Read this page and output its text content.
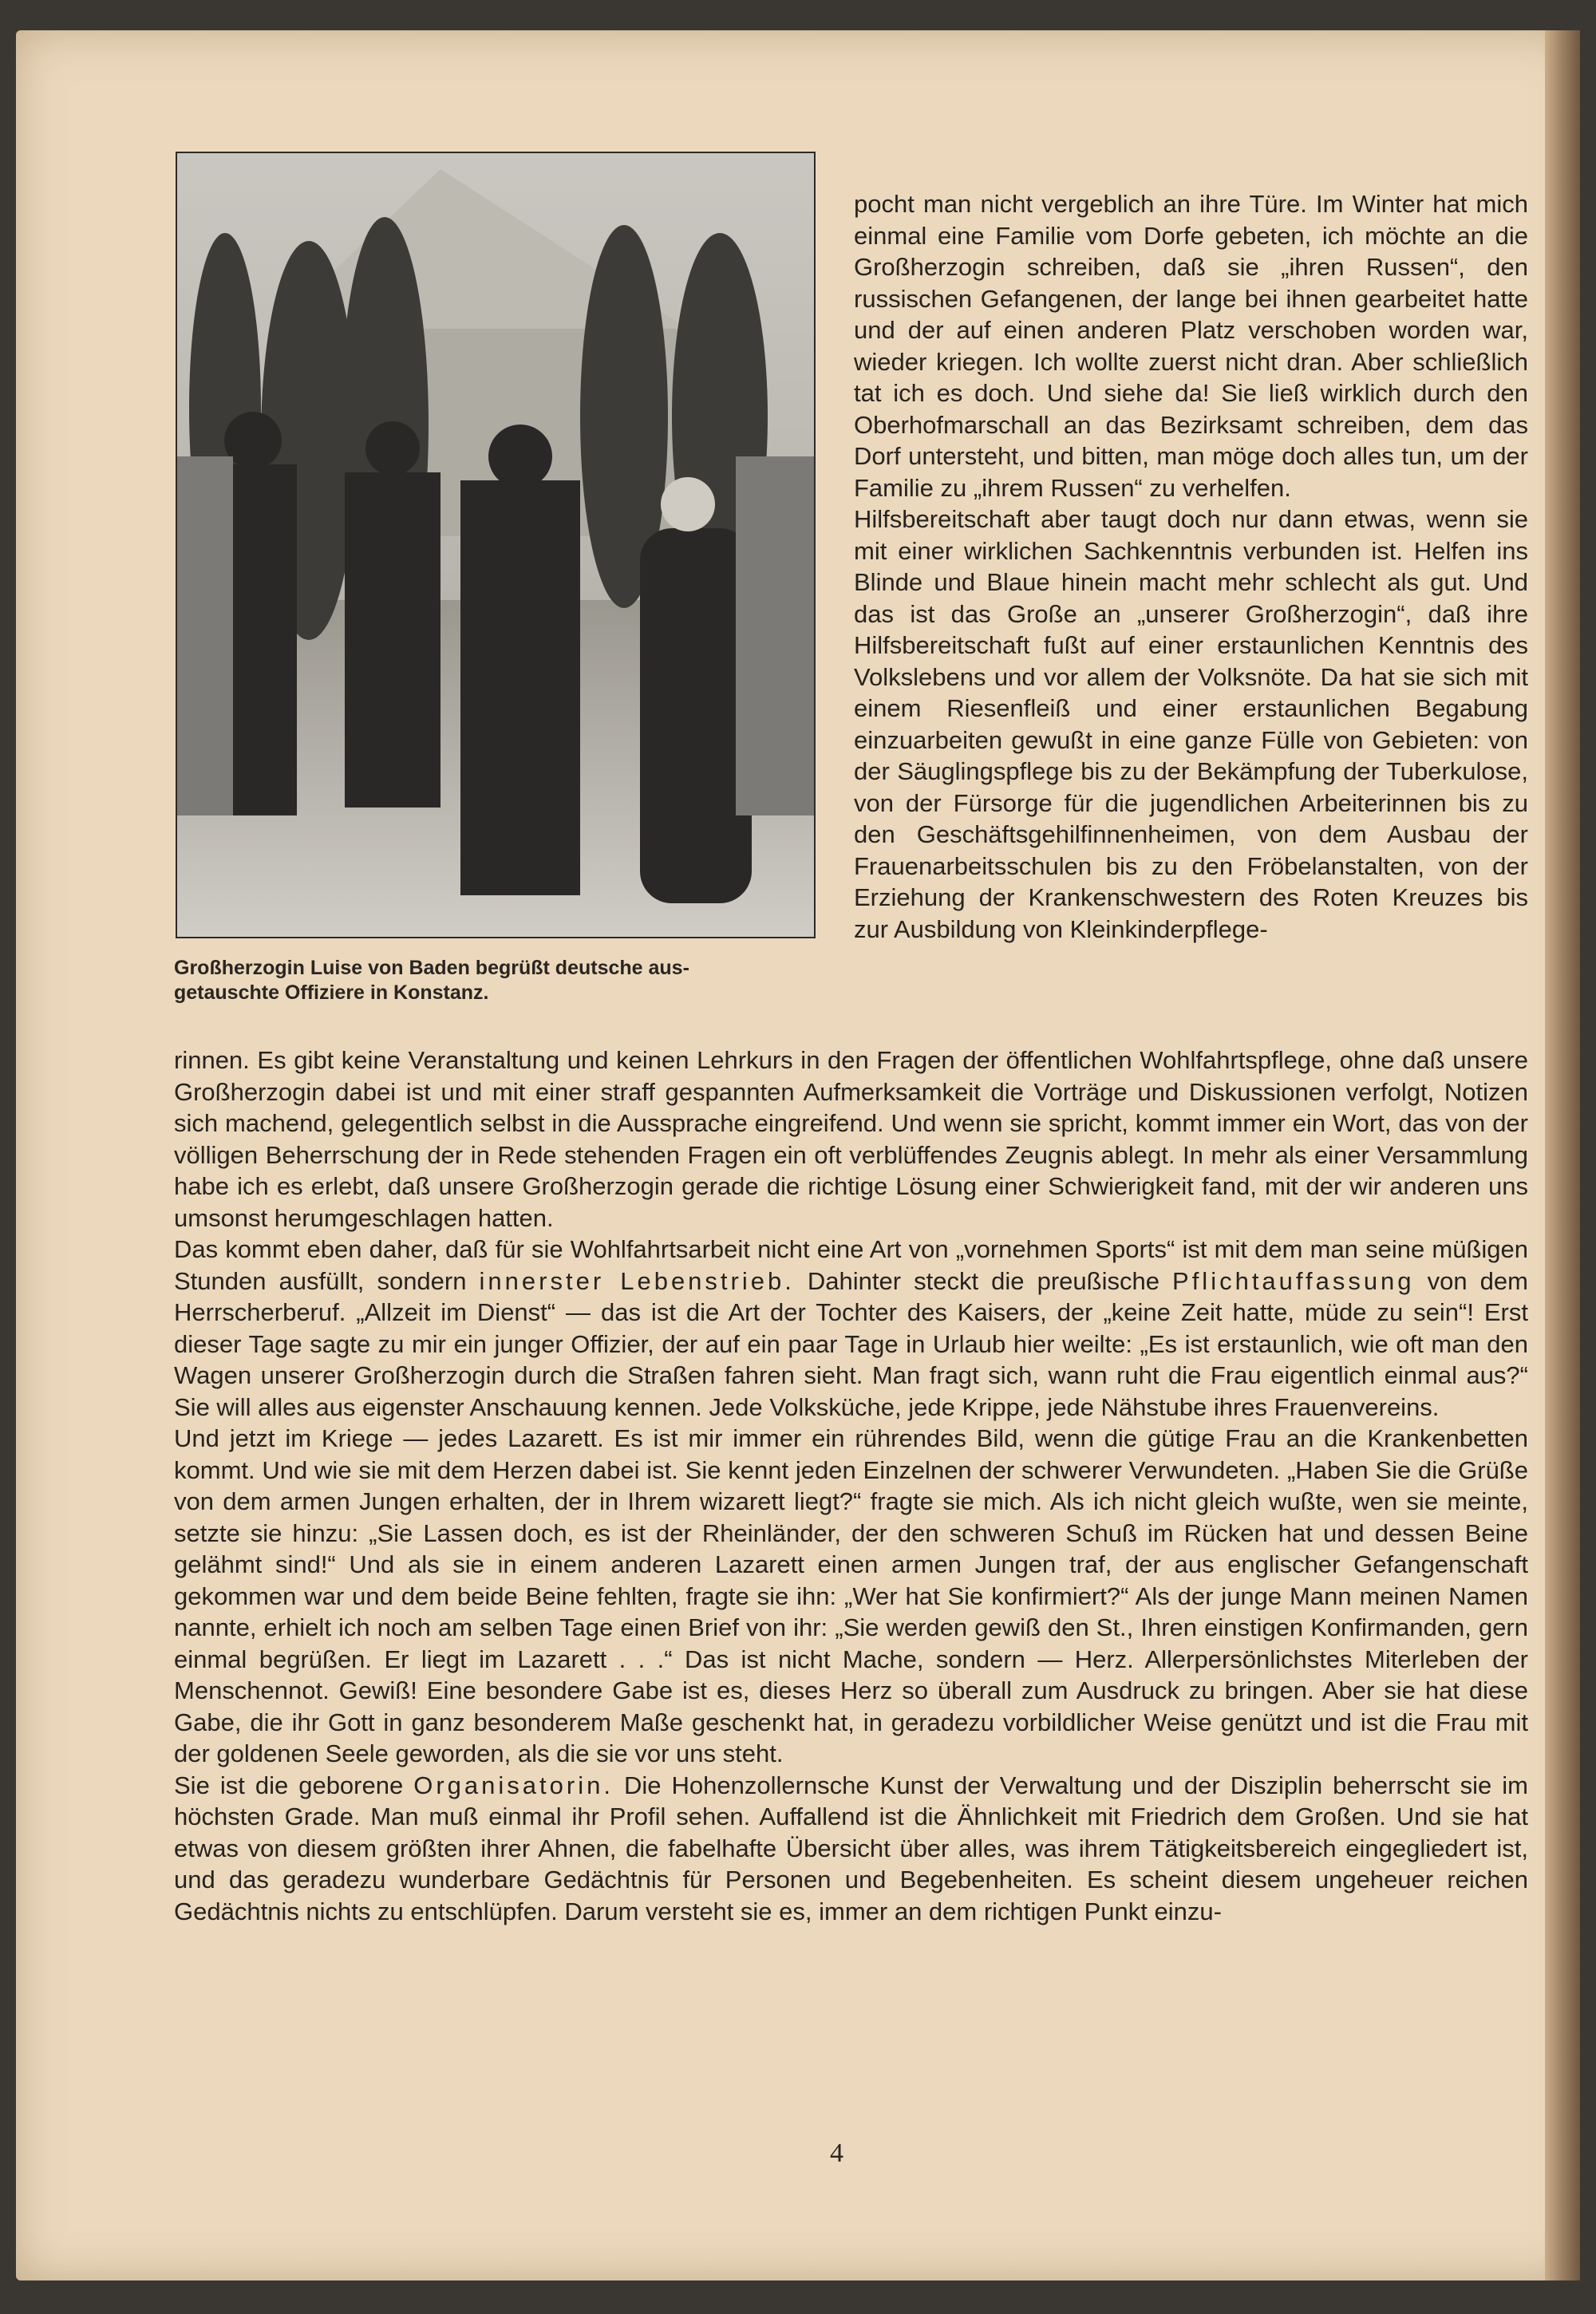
Großherzogin Luise von Baden begrüßt deutsche aus-

getauschte Offiziere in Konstanz.

pocht man nicht vergeblich an ihre Türe. Im Winter hat mich einmal eine Familie vom Dorfe gebeten, ich möchte an die Großherzogin schreiben, daß sie „ihren Russen“, den russischen Gefangenen, der lange bei ihnen gearbeitet hatte und der auf einen anderen Platz verschoben worden war, wieder kriegen. Ich wollte zuerst nicht dran. Aber schließlich tat ich es doch. Und siehe da! Sie ließ wirklich durch den Oberhofmarschall an das Bezirksamt schreiben, dem das Dorf untersteht, und bitten, man möge doch alles tun, um der Familie zu „ihrem Russen“ zu verhelfen.

Hilfsbereitschaft aber taugt doch nur dann etwas, wenn sie mit einer wirklichen Sachkenntnis verbunden ist. Helfen ins Blinde und Blaue hinein macht mehr schlecht als gut. Und das ist das Große an „unserer Großherzogin“, daß ihre Hilfsbereitschaft fußt auf einer erstaunlichen Kenntnis des Volkslebens und vor allem der Volksnöte. Da hat sie sich mit einem Riesenfleiß und einer erstaunlichen Begabung einzuarbeiten gewußt in eine ganze Fülle von Gebieten: von der Säuglingspflege bis zu der Bekämpfung der Tuberkulose, von der Fürsorge für die jugendlichen Arbeiterinnen bis zu den Geschäftsgehilfinnenheimen, von dem Ausbau der Frauenarbeitsschulen bis zu den Fröbelanstalten, von der Erziehung der Krankenschwestern des Roten Kreuzes bis zur Ausbildung von Kleinkinderpflege-

rinnen. Es gibt keine Veranstaltung und keinen Lehrkurs in den Fragen der öffentlichen Wohlfahrtspflege, ohne daß unsere Großherzogin dabei ist und mit einer straff gespannten Aufmerksamkeit die Vorträge und Diskussionen verfolgt, Notizen sich machend, gelegentlich selbst in die Aussprache eingreifend. Und wenn sie spricht, kommt immer ein Wort, das von der völligen Beherrschung der in Rede stehenden Fragen ein oft verblüffendes Zeugnis ablegt. In mehr als einer Versammlung habe ich es erlebt, daß unsere Großherzogin gerade die richtige Lösung einer Schwierigkeit fand, mit der wir anderen uns umsonst herumgeschlagen hatten.

Das kommt eben daher, daß für sie Wohlfahrtsarbeit nicht eine Art von „vornehmen Sports“ ist mit dem man seine müßigen Stunden ausfüllt, sondern innerster Lebenstrieb. Dahinter steckt die preußische Pflichtauffassung von dem Herrscherberuf. „Allzeit im Dienst“ — das ist die Art der Tochter des Kaisers, der „keine Zeit hatte, müde zu sein“! Erst dieser Tage sagte zu mir ein junger Offizier, der auf ein paar Tage in Urlaub hier weilte: „Es ist erstaunlich, wie oft man den Wagen unserer Großherzogin durch die Straßen fahren sieht. Man fragt sich, wann ruht die Frau eigentlich einmal aus?“ Sie will alles aus eigenster Anschauung kennen. Jede Volksküche, jede Krippe, jede Nähstube ihres Frauenvereins.

Und jetzt im Kriege — jedes Lazarett. Es ist mir immer ein rührendes Bild, wenn die gütige Frau an die Krankenbetten kommt. Und wie sie mit dem Herzen dabei ist. Sie kennt jeden Einzelnen der schwerer Verwundeten. „Haben Sie die Grüße von dem armen Jungen erhalten, der in Ihrem wizarett liegt?“ fragte sie mich. Als ich nicht gleich wußte, wen sie meinte, setzte sie hinzu: „Sie Lassen doch, es ist der Rheinländer, der den schweren Schuß im Rücken hat und dessen Beine gelähmt sind!“ Und als sie in einem anderen Lazarett einen armen Jungen traf, der aus englischer Gefangenschaft gekommen war und dem beide Beine fehlten, fragte sie ihn: „Wer hat Sie konfirmiert?“ Als der junge Mann meinen Namen nannte, erhielt ich noch am selben Tage einen Brief von ihr: „Sie werden gewiß den St., Ihren einstigen Konfirmanden, gern einmal begrüßen. Er liegt im Lazarett . . .“ Das ist nicht Mache, sondern — Herz. Allerpersönlichstes Miterleben der Menschennot. Gewiß! Eine besondere Gabe ist es, dieses Herz so überall zum Ausdruck zu bringen. Aber sie hat diese Gabe, die ihr Gott in ganz besonderem Maße geschenkt hat, in geradezu vorbildlicher Weise genützt und ist die Frau mit der goldenen Seele geworden, als die sie vor uns steht.

Sie ist die geborene Organisatorin. Die Hohenzollernsche Kunst der Verwaltung und der Disziplin beherrscht sie im höchsten Grade. Man muß einmal ihr Profil sehen. Auffallend ist die Ähnlichkeit mit Friedrich dem Großen. Und sie hat etwas von diesem größten ihrer Ahnen, die fabelhafte Übersicht über alles, was ihrem Tätigkeitsbereich eingegliedert ist, und das geradezu wunderbare Gedächtnis für Personen und Begebenheiten. Es scheint diesem ungeheuer reichen Gedächtnis nichts zu entschlüpfen. Darum versteht sie es, immer an dem richtigen Punkt einzu-

4
